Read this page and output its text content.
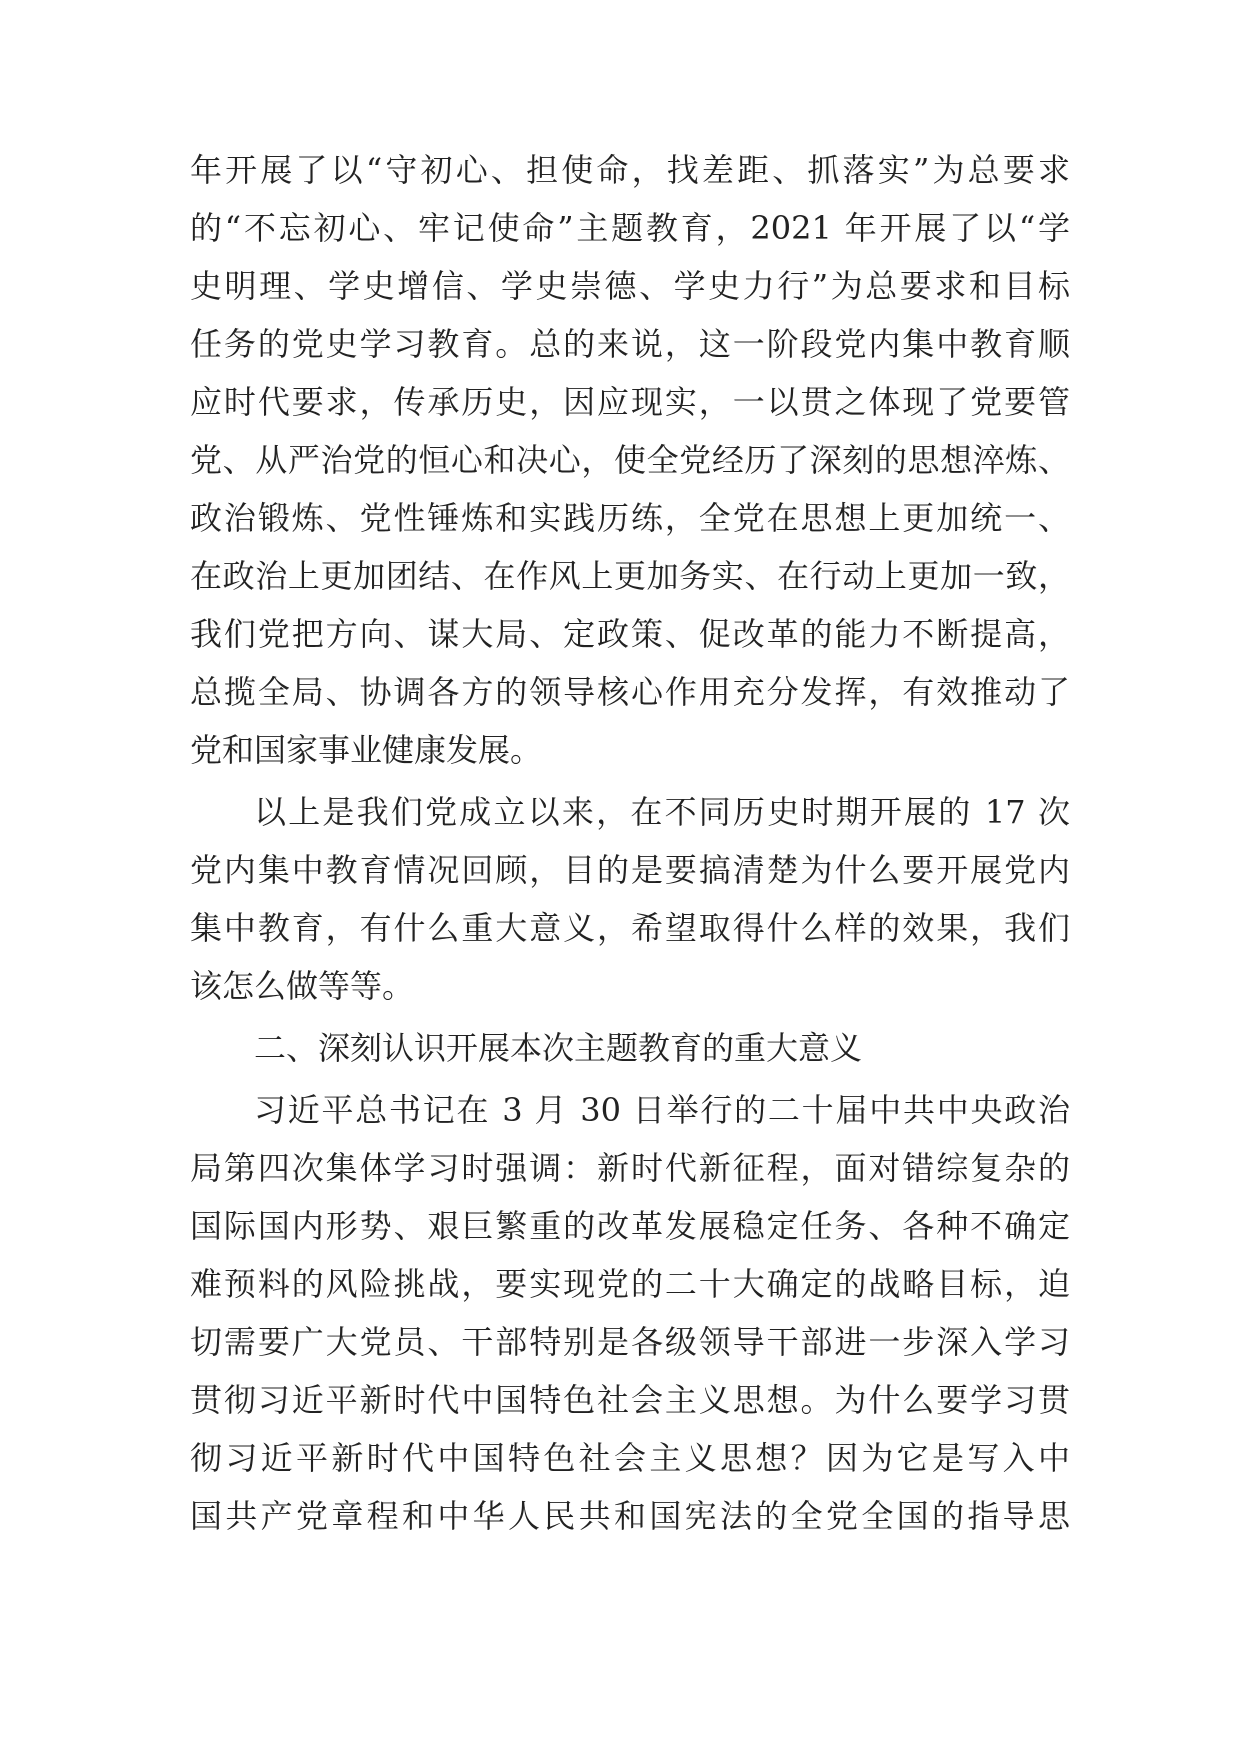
年开展了以“守初心、担使命，找差距、抓落实”为总要求
的“不忘初心、牢记使命”主题教育，2021 年开展了以“学
史明理、学史增信、学史崇德、学史力行”为总要求和目标
任务的党史学习教育。总的来说，这一阶段党内集中教育顺
应时代要求，传承历史，因应现实，一以贯之体现了党要管
党、从严治党的恒心和决心，使全党经历了深刻的思想淬炼、
政治锻炼、党性锤炼和实践历练，全党在思想上更加统一、
在政治上更加团结、在作风上更加务实、在行动上更加一致，
我们党把方向、谋大局、定政策、促改革的能力不断提高，
总揽全局、协调各方的领导核心作用充分发挥，有效推动了
党和国家事业健康发展。
以上是我们党成立以来，在不同历史时期开展的 17 次
党内集中教育情况回顾，目的是要搞清楚为什么要开展党内
集中教育，有什么重大意义，希望取得什么样的效果，我们
该怎么做等等。
二、深刻认识开展本次主题教育的重大意义
习近平总书记在 3 月 30 日举行的二十届中共中央政治
局第四次集体学习时强调：新时代新征程，面对错综复杂的
国际国内形势、艰巨繁重的改革发展稳定任务、各种不确定
难预料的风险挑战，要实现党的二十大确定的战略目标，迫
切需要广大党员、干部特别是各级领导干部进一步深入学习
贯彻习近平新时代中国特色社会主义思想。为什么要学习贯
彻习近平新时代中国特色社会主义思想？因为它是写入中
国共产党章程和中华人民共和国宪法的全党全国的指导思
